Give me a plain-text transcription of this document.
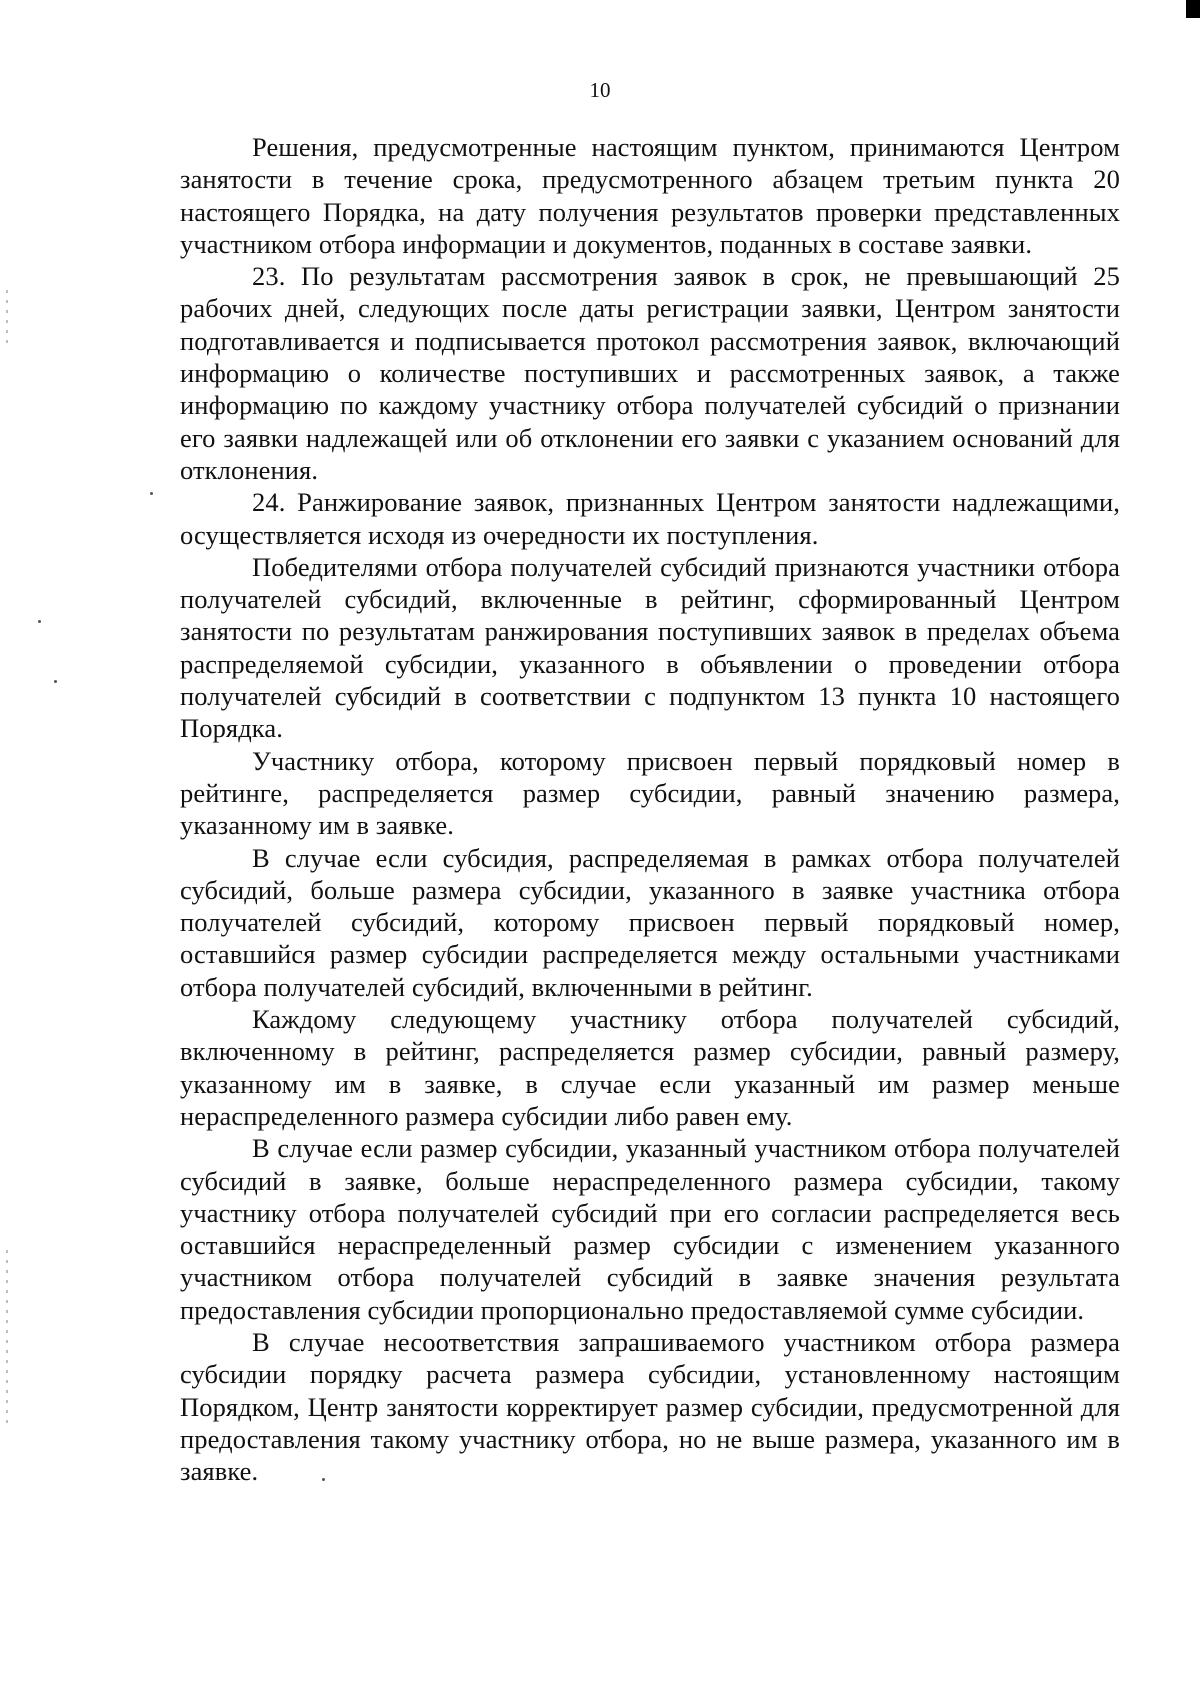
10

Решения, предусмотренные настоящим пунктом, принимаются Центром занятости в течение срока, предусмотренного абзацем третьим пункта 20 настоящего Порядка, на дату получения результатов проверки представленных участником отбора информации и документов, поданных в составе заявки.

23. По результатам рассмотрения заявок в срок, не превышающий 25 рабочих дней, следующих после даты регистрации заявки, Центром занятости подготавливается и подписывается протокол рассмотрения заявок, включающий информацию о количестве поступивших и рассмотренных заявок, а также информацию по каждому участнику отбора получателей субсидий о признании его заявки надлежащей или об отклонении его заявки с указанием оснований для отклонения.

24. Ранжирование заявок, признанных Центром занятости надлежащими, осуществляется исходя из очередности их поступления.

Победителями отбора получателей субсидий признаются участники отбора получателей субсидий, включенные в рейтинг, сформированный Центром занятости по результатам ранжирования поступивших заявок в пределах объема распределяемой субсидии, указанного в объявлении о проведении отбора получателей субсидий в соответствии с подпунктом 13 пункта 10 настоящего Порядка.

Участнику отбора, которому присвоен первый порядковый номер в рейтинге, распределяется размер субсидии, равный значению размера, указанному им в заявке.

В случае если субсидия, распределяемая в рамках отбора получателей субсидий, больше размера субсидии, указанного в заявке участника отбора получателей субсидий, которому присвоен первый порядковый номер, оставшийся размер субсидии распределяется между остальными участниками отбора получателей субсидий, включенными в рейтинг.

Каждому следующему участнику отбора получателей субсидий, включенному в рейтинг, распределяется размер субсидии, равный размеру, указанному им в заявке, в случае если указанный им размер меньше нераспределенного размера субсидии либо равен ему.

В случае если размер субсидии, указанный участником отбора получателей субсидий в заявке, больше нераспределенного размера субсидии, такому участнику отбора получателей субсидий при его согласии распределяется весь оставшийся нераспределенный размер субсидии с изменением указанного участником отбора получателей субсидий в заявке значения результата предоставления субсидии пропорционально предоставляемой сумме субсидии.

В случае несоответствия запрашиваемого участником отбора размера субсидии порядку расчета размера субсидии, установленному настоящим Порядком, Центр занятости корректирует размер субсидии, предусмотренной для предоставления такому участнику отбора, но не выше размера, указанного им в заявке.
